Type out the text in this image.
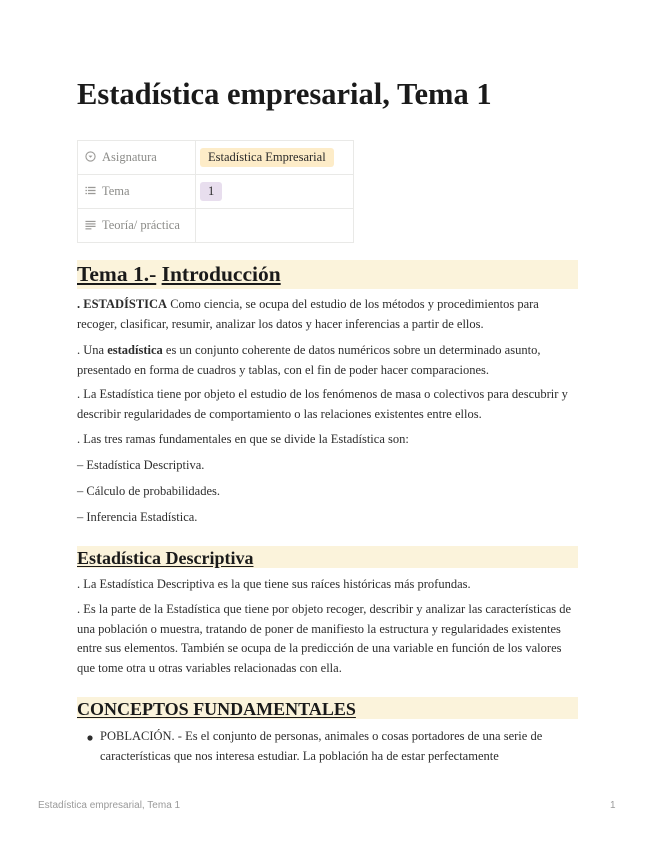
Estadística empresarial, Tema 1
Asignatura	Estadística Empresarial
Tema	1
Teoría/ práctica	
Tema 1.- Introducción

. ESTADÍSTICA Como ciencia, se ocupa del estudio de los métodos y procedimientos para recoger, clasificar, resumir, analizar los datos y hacer inferencias a partir de ellos.

. Una estadística es un conjunto coherente de datos numéricos sobre un determinado asunto, presentado en forma de cuadros y tablas, con el fin de poder hacer comparaciones.

. La Estadística tiene por objeto el estudio de los fenómenos de masa o colectivos para descubrir y describir regularidades de comportamiento o las relaciones existentes entre ellos.

. Las tres ramas fundamentales en que se divide la Estadística son:

– Estadística Descriptiva.

– Cálculo de probabilidades.

– Inferencia Estadística.

Estadística Descriptiva

. La Estadística Descriptiva es la que tiene sus raíces históricas más profundas.

. Es la parte de la Estadística que tiene por objeto recoger, describir y analizar las características de una población o muestra, tratando de poner de manifiesto la estructura y regularidades existentes entre sus elementos. También se ocupa de la predicción de una variable en función de los valores que tome otra u otras variables relacionadas con ella.

CONCEPTOS FUNDAMENTALES

POBLACIÓN. - Es el conjunto de personas, animales o cosas portadores de una serie de características que nos interesa estudiar. La población ha de estar perfectamente

Estadística empresarial, Tema 1	1
